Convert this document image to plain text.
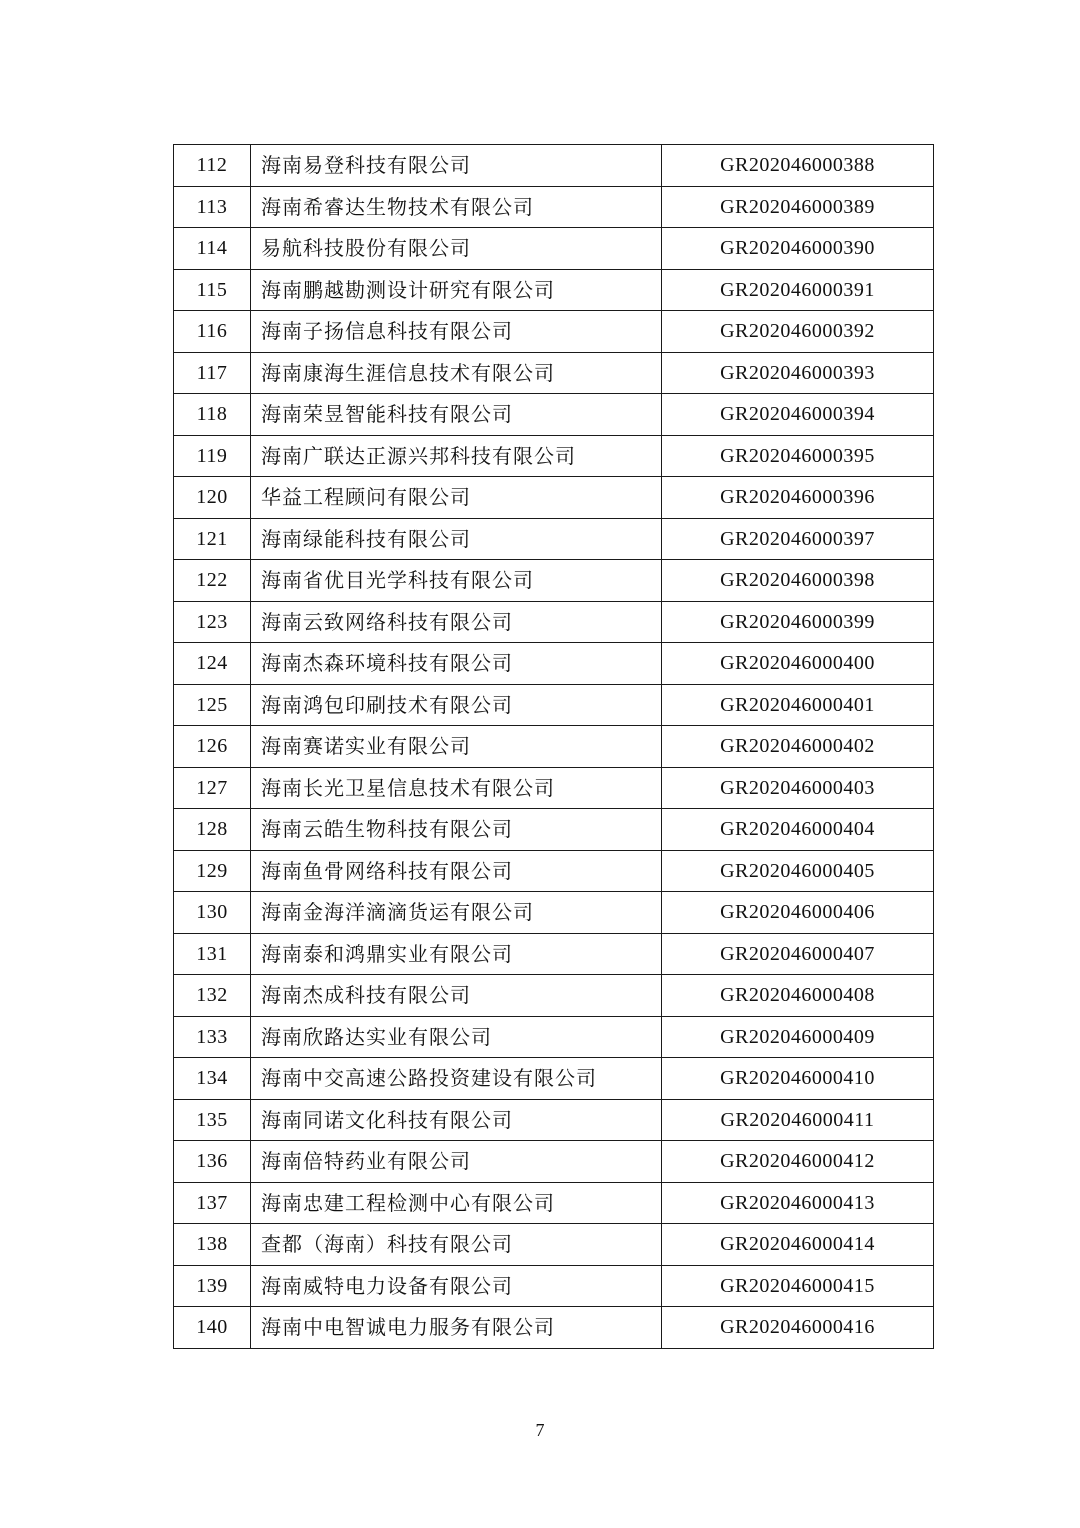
112	海南易登科技有限公司	GR202046000388
113	海南希睿达生物技术有限公司	GR202046000389
114	易航科技股份有限公司	GR202046000390
115	海南鹏越勘测设计研究有限公司	GR202046000391
116	海南子扬信息科技有限公司	GR202046000392
117	海南康海生涯信息技术有限公司	GR202046000393
118	海南荣昱智能科技有限公司	GR202046000394
119	海南广联达正源兴邦科技有限公司	GR202046000395
120	华益工程顾问有限公司	GR202046000396
121	海南绿能科技有限公司	GR202046000397
122	海南省优目光学科技有限公司	GR202046000398
123	海南云致网络科技有限公司	GR202046000399
124	海南杰森环境科技有限公司	GR202046000400
125	海南鸿包印刷技术有限公司	GR202046000401
126	海南赛诺实业有限公司	GR202046000402
127	海南长光卫星信息技术有限公司	GR202046000403
128	海南云皓生物科技有限公司	GR202046000404
129	海南鱼骨网络科技有限公司	GR202046000405
130	海南金海洋滴滴货运有限公司	GR202046000406
131	海南泰和鸿鼎实业有限公司	GR202046000407
132	海南杰成科技有限公司	GR202046000408
133	海南欣路达实业有限公司	GR202046000409
134	海南中交高速公路投资建设有限公司	GR202046000410
135	海南同诺文化科技有限公司	GR202046000411
136	海南倍特药业有限公司	GR202046000412
137	海南忠建工程检测中心有限公司	GR202046000413
138	查都（海南）科技有限公司	GR202046000414
139	海南威特电力设备有限公司	GR202046000415
140	海南中电智诚电力服务有限公司	GR202046000416
7
